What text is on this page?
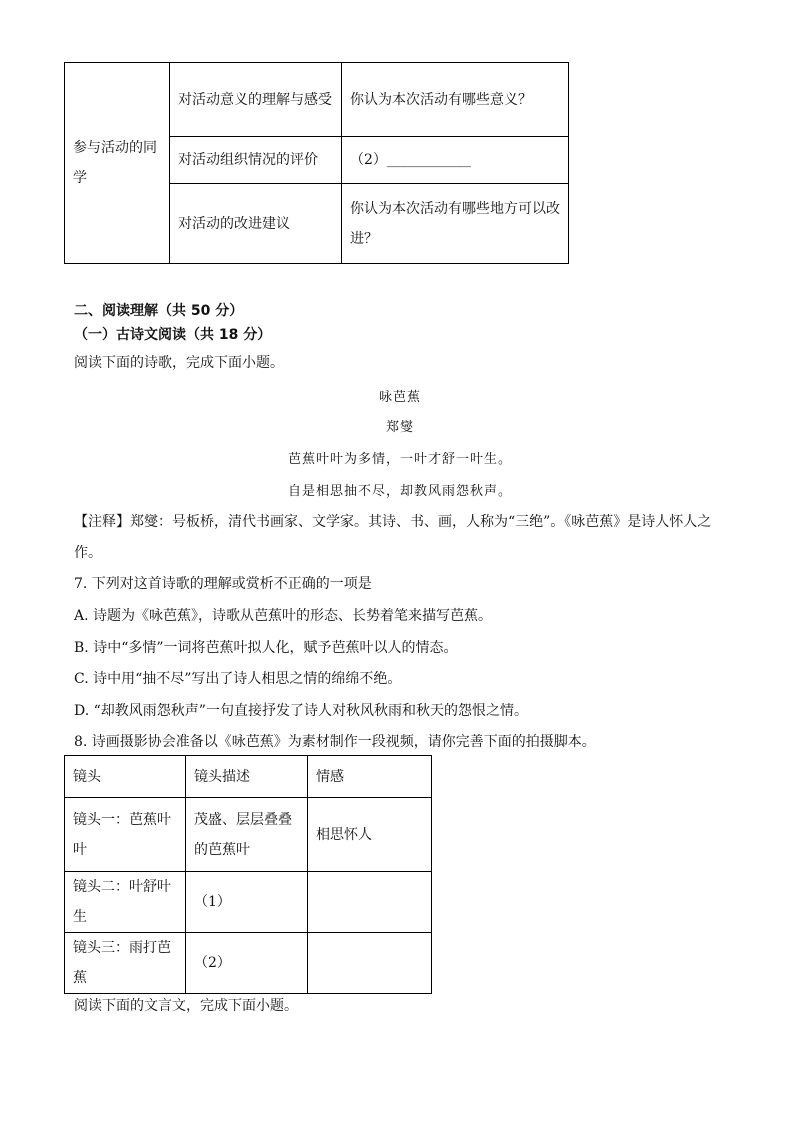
参与活动的同学	对活动意义的理解与感受	你认为本次活动有哪些意义？
	对活动组织情况的评价	（2）____________
	对活动的改进建议	你认为本次活动有哪些地方可以改进？
二、阅读理解（共 50 分）
（一）古诗文阅读（共 18 分）
阅读下面的诗歌，完成下面小题。
咏芭蕉
郑燮
芭蕉叶叶为多情，一叶才舒一叶生。
自是相思抽不尽，却教风雨怨秋声。
【注释】郑燮：号板桥，清代书画家、文学家。其诗、书、画，人称为“三绝”。《咏芭蕉》是诗人怀人之
作。
7. 下列对这首诗歌的理解或赏析不正确的一项是
A. 诗题为《咏芭蕉》，诗歌从芭蕉叶的形态、长势着笔来描写芭蕉。
B. 诗中“多情”一词将芭蕉叶拟人化，赋予芭蕉叶以人的情态。
C. 诗中用“抽不尽”写出了诗人相思之情的绵绵不绝。
D. “却教风雨怨秋声”一句直接抒发了诗人对秋风秋雨和秋天的怨恨之情。
8. 诗画摄影协会准备以《咏芭蕉》为素材制作一段视频，请你完善下面的拍摄脚本。
镜头	镜头描述	情感
镜头一：芭蕉叶叶	茂盛、层层叠叠的芭蕉叶	相思怀人
镜头二：叶舒叶生	（1）	
镜头三：雨打芭蕉	（2）	
阅读下面的文言文，完成下面小题。
